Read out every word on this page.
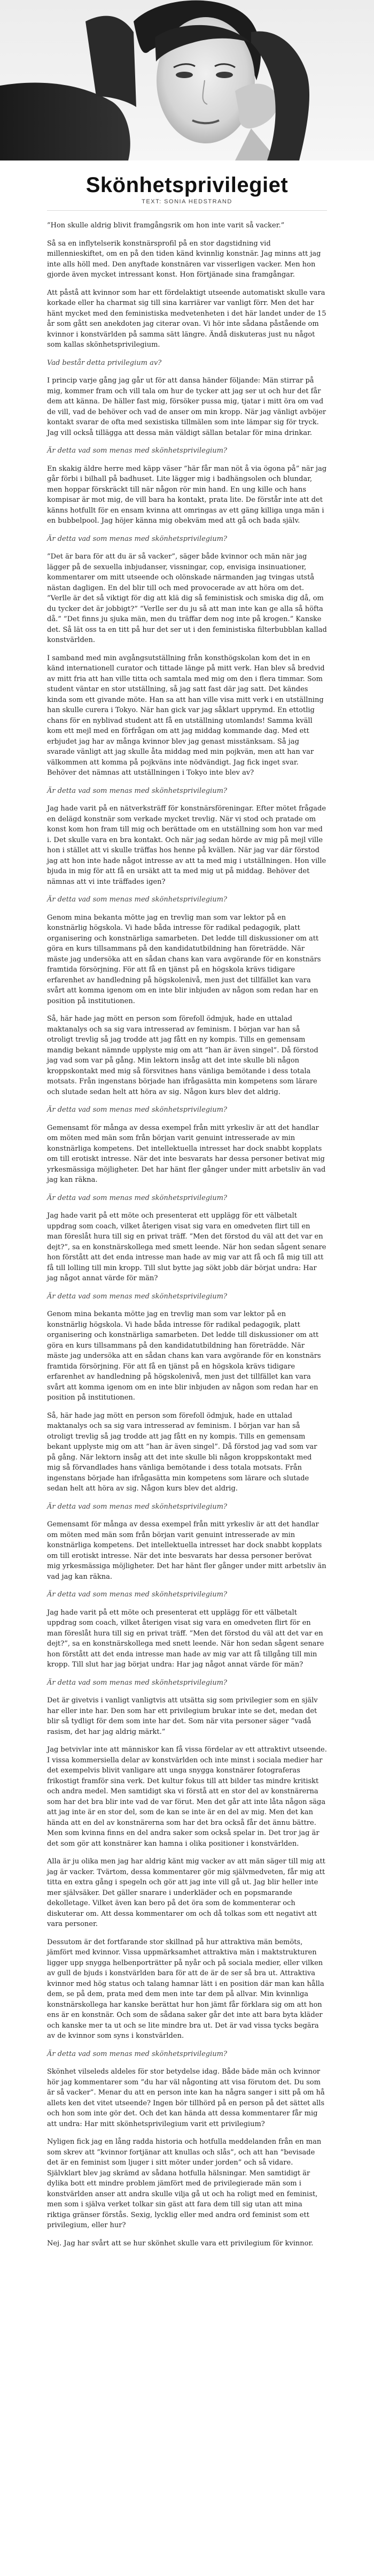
Skönhetsprivilegiet
TEXT: SONIA HEDSTRAND

”Hon skulle aldrig blivit framgångsrik om hon inte varit så vacker.”

Så sa en inflytelserik konstnärsprofil på en stor dagstidning vid millennieskiftet, om en på den tiden känd kvinnlig konstnär. Jag minns att jag inte alls höll med. Den anyftade konstnären var visserligen vacker. Men hon gjorde även mycket intressant konst. Hon förtjänade sina framgångar.

Att påstå att kvinnor som har ett fördelaktigt utseende automatiskt skulle vara korkade eller ha charmat sig till sina karriärer var vanligt förr. Men det har hänt mycket med den feministiska medvetenheten i det här landet under de 15 år som gått sen anekdoten jag citerar ovan. Vi hör inte sådana påstående om kvinnor i konstvärlden på samma sätt längre. Ändå diskuteras just nu något som kallas skönhetsprivilegium.

Vad består detta privilegium av?

I princip varje gång jag går ut för att dansa händer följande: Män stirrar på mig, kommer fram och vill tala om hur de tycker att jag ser ut och hur det får dem att känna. De häller fast mig, försöker pussa mig, tjatar i mitt öra om vad de vill, vad de behöver och vad de anser om min kropp. När jag vänligt avböjer kontakt svarar de ofta med sexistiska tillmälen som inte lämpar sig för tryck. Jag vill också tillägga att dessa män väldigt sällan betalar för mina drinkar.

Är detta vad som menas med skönhetsprivilegium?

En skakig äldre herre med käpp väser ”här får man nöt å via ögona på” när jag går förbi i bilhall på badhuset. Lite lägger mig i badhängsolen och blundar, men hoppar förskräckt till när någon rör min hand. En ung kille och hans kompisar är mot mig, de vill bara ha kontakt, prata lite. De förstår inte att det känns hotfullt för en ensam kvinna att omringas av ett gäng killiga unga män i en bubbelpool. Jag höjer känna mig obekväm med att gå och bada själv.

Är detta vad som menas med skönhetsprivilegium?

”Det är bara för att du är så vacker”, säger både kvinnor och män när jag lägger på de sexuella inbjudanser, vissningar, cop, envisiga insinuationer, kommentarer om mitt utseende och olönskade närmanden jag tvingas utstå nästan dagligen. En del blir till och med provocerade av att höra om det. ”Verlle är det så viktigt för dig att klä dig så feministisk och smiska dig då, om du tycker det är jobbigt?” ”Verlle ser du ju så att man inte kan ge alla så höfta då.” ”Det finns ju sjuka män, men du träffar dem nog inte på krogen.” Kanske det. Så lät oss ta en titt på hur det ser ut i den feministiska filterbubblan kallad konstvärlden.

I samband med min avgångsutställning från konsthögskolan kom det in en känd internationell curator och tittade länge på mitt verk. Han blev så bredvid av mitt fria att han ville titta och samtala med mig om den i flera timmar. Som student väntar en stor utställning, så jag satt fast där jag satt. Det kändes kinda som ett givande möte. Han sa att han ville visa mitt verk i en utställning han skulle curera i Tokyo. När han gick var jag såklart upprymd. En ettotlig chans för en nyblivad student att få en utställning utomlands! Samma kväll kom ett mejl med en förfrågan om att jag middag kommande dag. Med ett erbjudet jag har av många kvinnor blev jag genast misstänksam. Så jag svarade vänligt att jag skulle åta middag med min pojkvän, men att han var välkommen att komma på pojkväns inte nödvändigt. Jag fick inget svar. Behöver det nämnas att utställningen i Tokyo inte blev av?

Är detta vad som menas med skönhetsprivilegium?

Jag hade varit på en nätverksträff för konstnärsföreningar. Efter mötet frågade en delägd konstnär som verkade mycket trevlig. När vi stod och pratade om konst kom hon fram till mig och berättade om en utställning som hon var med i. Det skulle vara en bra kontakt. Och när jag sedan hörde av mig på mejl ville hon i stället att vi skulle träffas hos henne på kvällen. När jag var där förstod jag att hon inte hade något intresse av att ta med mig i utställningen. Hon ville bjuda in mig för att få en ursäkt att ta med mig ut på middag. Behöver det nämnas att vi inte träffades igen?

Är detta vad som menas med skönhetsprivilegium?

Genom mina bekanta mötte jag en trevlig man som var lektor på en konstnärlig högskola. Vi hade båda intresse för radikal pedagogik, platt organisering och konstnärliga samarbeten. Det ledde till diskussioner om att göra en kurs tillsammans på den kandidatutbildning han företrädde. När mäste jag undersöka att en sådan chans kan vara avgörande för en konstnärs framtida försörjning. För att få en tjänst på en högskola krävs tidigare erfarenhet av handledning på högskolenivå, men just det tillfället kan vara svårt att komma igenom om en inte blir inbjuden av någon som redan har en position på institutionen.

Så, här hade jag mött en person som förefoll ödmjuk, hade en uttalad maktanalys och sa sig vara intresserad av feminism. I början var han så otroligt trevlig så jag trodde att jag fått en ny kompis. Tills en gemensam mandig bekant nämnde upplyste mig om att ”han är även singel”. Då förstod jag vad som var på gång. Min lektorn insåg att det inte skulle bli någon kroppskontakt med mig så försvitnes hans vänliga bemötande i dess totala motsats. Från ingenstans började han ifrågasätta min kompetens som lärare och slutade sedan helt att höra av sig. Någon kurs blev det aldrig.

Är detta vad som menas med skönhetsprivilegium?

Gemensamt för många av dessa exempel från mitt yrkesliv är att det handlar om möten med män som från början varit genuint intresserade av min konstnärliga kompetens. Det intellektuella intresset har dock snabbt kopplats om till erotiskt intresse. När det inte besvarats har dessa personer betivat mig yrkesmässiga möjligheter. Det har hänt fler gånger under mitt arbetsliv än vad jag kan räkna.

Är detta vad som menas med skönhetsprivilegium?

Jag hade varit på ett möte och presenterat ett upplägg för ett välbetalt uppdrag som coach, vilket återigen visat sig vara en omedveten flirt till en man föreslåt hura till sig en privat träff. ”Men det förstod du väl att det var en dejt?”, sa en konstnärskollega med smett leende. När hon sedan sågent senare hon förstått att det enda intresse man hade av mig var att få och få mig till att få till lolling till min kropp. Till slut bytte jag sökt jobb där börjat undra: Har jag något annat värde för män?

Är detta vad som menas med skönhetsprivilegium?

Genom mina bekanta mötte jag en trevlig man som var lektor på en konstnärlig högskola. Vi hade båda intresse för radikal pedagogik, platt organisering och konstnärliga samarbeten. Det ledde till diskussioner om att göra en kurs tillsammans på den kandidatutbildning han företrädde. När mäste jag undersöka att en sådan chans kan vara avgörande för en konstnärs framtida försörjning. För att få en tjänst på en högskola krävs tidigare erfarenhet av handledning på högskolenivå, men just det tillfället kan vara svårt att komma igenom om en inte blir inbjuden av någon som redan har en position på institutionen.

Så, här hade jag mött en person som förefoll ödmjuk, hade en uttalad maktanalys och sa sig vara intresserad av feminism. I början var han så otroligt trevlig så jag trodde att jag fått en ny kompis. Tills en gemensam bekant upplyste mig om att ”han är även singel”. Då förstod jag vad som var på gång. När lektorn insåg att det inte skulle bli någon kroppskontakt med mig så förvandlades hans vänliga bemötande i dess totala motsats. Från ingenstans började han ifrågasätta min kompetens som lärare och slutade sedan helt att höra av sig. Någon kurs blev det aldrig.

Är detta vad som menas med skönhetsprivilegium?

Gemensamt för många av dessa exempel från mitt yrkesliv är att det handlar om möten med män som från början varit genuint intresserade av min konstnärliga kompetens. Det intellektuella intresset har dock snabbt kopplats om till erotiskt intresse. När det inte besvarats har dessa personer berövat mig yrkesmässiga möjligheter. Det har hänt fler gånger under mitt arbetsliv än vad jag kan räkna.

Är detta vad som menas med skönhetsprivilegium?

Jag hade varit på ett möte och presenterat ett upplägg för ett välbetalt uppdrag som coach, vilket återigen visat sig vara en omedveten flirt för en man föreslåt hura till sig en privat träff. ”Men det förstod du väl att det var en dejt?”, sa en konstnärskollega med snett leende. När hon sedan sågent senare hon förstått att det enda intresse man hade av mig var att få tillgång till min kropp. Till slut har jag börjat undra: Har jag något annat värde för män?

Är detta vad som menas med skönhetsprivilegium?

Det är givetvis i vanligt vanligtvis att utsätta sig som privilegier som en själv har eller inte har. Den som har ett privilegium brukar inte se det, medan det blir så tydligt för dem som inte har det. Som när vita personer säger ”vadå rasism, det har jag aldrig märkt.”

Jag betvivlar inte att människor kan få vissa fördelar av ett attraktivt utseende. I vissa kommersiella delar av konstvärlden och inte minst i sociala medier har det exempelvis blivit vanligare att unga snygga konstnärer fotograferas frikostigt framför sina verk. Det kultur fokus till att bilder tas mindre kritiskt och andra medel. Men samtidigt ska vi förstå att en stor del av konstnärerna som har det bra blir inte vad de var förut. Men det går att inte låta någon säga att jag inte är en stor del, som de kan se inte är en del av mig. Men det kan hända att en del av konstnärerna som har det bra också får det ännu bättre. Men som kvinna finns en del andra saker som också spelar in. Det tror jag är det som gör att konstnärer kan hamna i olika positioner i konstvärlden.

Alla är ju olika men jag har aldrig känt mig vacker av att män säger till mig att jag är vacker. Tvärtom, dessa kommentarer gör mig självmedveten, får mig att titta en extra gång i spegeln och gör att jag inte vill gå ut. Jag blir heller inte mer självsäker. Det gäller snarare i underkläder och en popsmarande dekolletage. Vilket även kan bero på det öra som de kommenterar och diskuterar om. Att dessa kommentarer om och då tolkas som ett negativt att vara personer.

Dessutom är det fortfarande stor skillnad på hur attraktiva män bemöts, jämfört med kvinnor. Vissa uppmärksamhet attraktiva män i maktstrukturen ligger upp snygga helbenporträtter på nyår och på sociala medier, eller vilken av gull de bjuds i konstvärlden bara för att de är de ser så bra ut. Attraktiva kvinnor med hög status och talang hamnar lätt i en position där man kan hålla dem, se på dem, prata med dem men inte tar dem på allvar. Min kvinnliga konstnärskollega har kanske berättat hur hon jämt får förklara sig om att hon ens är en konstnär. Och som de sådana saker går det inte att bara byta kläder och kanske mer ta ut och se lite mindre bra ut. Det är vad vissa tycks begära av de kvinnor som syns i konstvärlden.

Är detta vad som menas med skönhetsprivilegium?

Skönhet vilseleds aldeles för stor betydelse idag. Både bäde män och kvinnor hör jag kommentarer som ”du har väl någonting att visa förutom det. Du som är så vacker”. Menar du att en person inte kan ha några sanger i sitt på om hå allets ken det vitet utseende? Ingen bör tillhörd på en person på det sättet alls och hon som inte gör det. Och det kan hända att dessa kommentarer får mig att undra: Har mitt skönhetsprivilegium varit ett privilegium?

Nyligen fick jag en lång radda historia och hotfulla meddelanden från en man som skrev att ”kvinnor fortjänar att knullas och slås”, och att han ”bevisade det är en feminist som ljuger i sitt möter under jorden” och så vidare. Självklart blev jag skrämd av sådana hotfulla hälsningar. Men samtidigt är dylika bott ett mindre problem jämfört med de privilegierade män som i konstvärlden anser att andra skulle vilja gå ut och ha roligt med en feminist, men som i själva verket tolkar sin gäst att fara dem till sig utan att mina riktiga gränser förstås. Sexig, lycklig eller med andra ord feminist som ett privilegium, eller hur?

Nej. Jag har svårt att se hur skönhet skulle vara ett privilegium för kvinnor.
